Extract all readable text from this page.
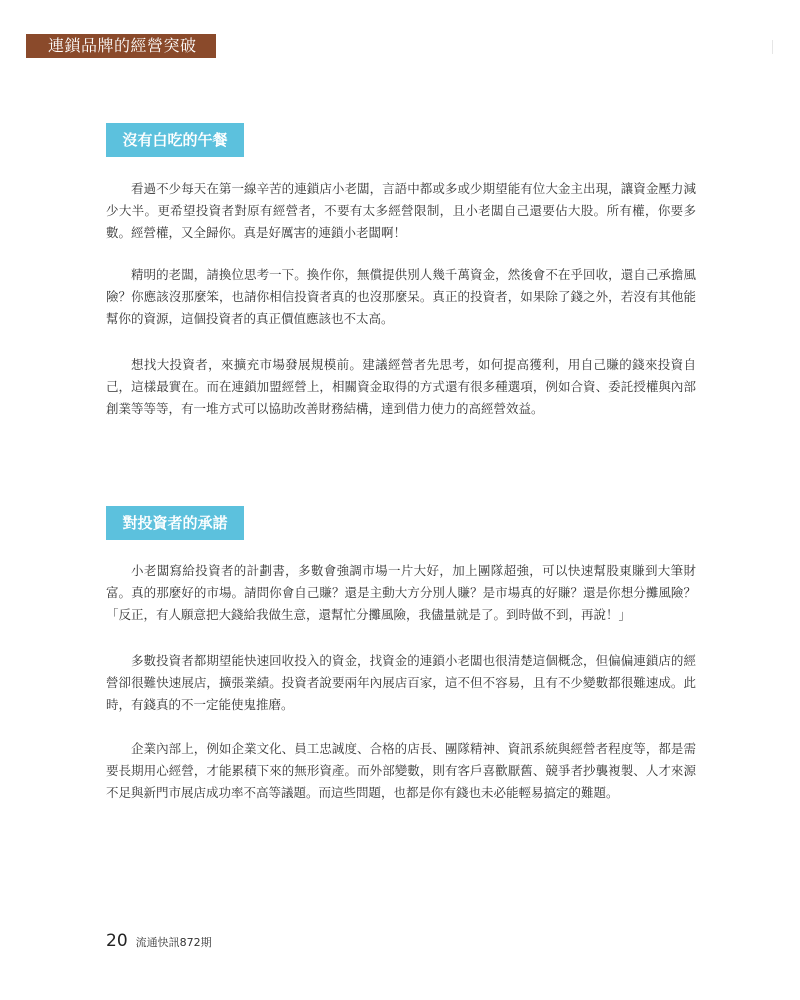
連鎖品牌的經營突破
沒有白吃的午餐

看過不少每天在第一線辛苦的連鎖店小老闆，言語中都或多或少期望能有位大金主出現，讓資金壓力減少大半。更希望投資者對原有經營者，不要有太多經營限制，且小老闆自己還要佔大股。所有權，你要多數。經營權，又全歸你。真是好厲害的連鎖小老闆啊！

精明的老闆，請換位思考一下。換作你，無償提供別人幾千萬資金，然後會不在乎回收，還自己承擔風險？你應該沒那麼笨，也請你相信投資者真的也沒那麼呆。真正的投資者，如果除了錢之外，若沒有其他能幫你的資源，這個投資者的真正價值應該也不太高。

想找大投資者，來擴充市場發展規模前。建議經營者先思考，如何提高獲利，用自己賺的錢來投資自己，這樣最實在。而在連鎖加盟經營上，相關資金取得的方式還有很多種選項，例如合資、委託授權與內部創業等等等，有一堆方式可以協助改善財務結構，達到借力使力的高經營效益。

對投資者的承諾

小老闆寫給投資者的計劃書，多數會強調市場一片大好，加上團隊超強，可以快速幫股東賺到大筆財富。真的那麼好的市場。請問你會自己賺？還是主動大方分別人賺？是市場真的好賺？還是你想分攤風險？「反正，有人願意把大錢給我做生意，還幫忙分攤風險，我儘量就是了。到時做不到，再說！」

多數投資者都期望能快速回收投入的資金，找資金的連鎖小老闆也很清楚這個概念，但偏偏連鎖店的經營卻很難快速展店，擴張業績。投資者說要兩年內展店百家，這不但不容易，且有不少變數都很難速成。此時，有錢真的不一定能使鬼推磨。

企業內部上，例如企業文化、員工忠誠度、合格的店長、團隊精神、資訊系統與經營者程度等，都是需要長期用心經營，才能累積下來的無形資產。而外部變數，則有客戶喜歡厭舊、競爭者抄襲複製、人才來源不足與新門市展店成功率不高等議題。而這些問題，也都是你有錢也未必能輕易搞定的難題。

20 流通快訊872期
